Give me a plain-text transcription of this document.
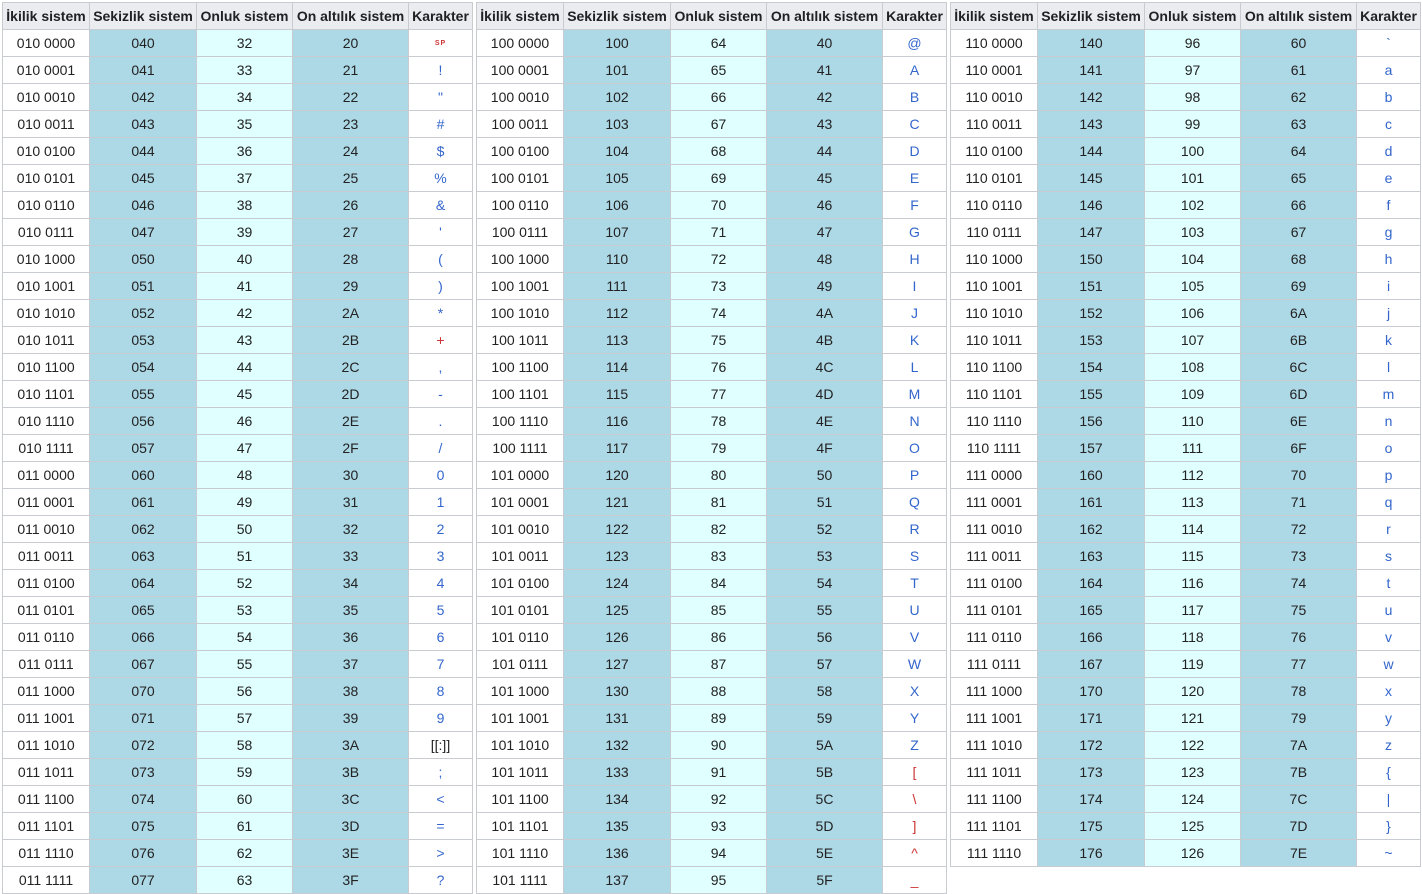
İkilik sistem	Sekizlik sistem	Onluk sistem	On altılık sistem	Karakter
010 0000	040	32	20	SP
010 0001	041	33	21	!
010 0010	042	34	22	"
010 0011	043	35	23	#
010 0100	044	36	24	$
010 0101	045	37	25	%
010 0110	046	38	26	&
010 0111	047	39	27	'
010 1000	050	40	28	(
010 1001	051	41	29	)
010 1010	052	42	2A	*
010 1011	053	43	2B	+
010 1100	054	44	2C	,
010 1101	055	45	2D	-
010 1110	056	46	2E	.
010 1111	057	47	2F	/
011 0000	060	48	30	0
011 0001	061	49	31	1
011 0010	062	50	32	2
011 0011	063	51	33	3
011 0100	064	52	34	4
011 0101	065	53	35	5
011 0110	066	54	36	6
011 0111	067	55	37	7
011 1000	070	56	38	8
011 1001	071	57	39	9
011 1010	072	58	3A	[[:]]
011 1011	073	59	3B	;
011 1100	074	60	3C	<
011 1101	075	61	3D	=
011 1110	076	62	3E	>
011 1111	077	63	3F	?
İkilik sistem	Sekizlik sistem	Onluk sistem	On altılık sistem	Karakter
100 0000	100	64	40	@
100 0001	101	65	41	A
100 0010	102	66	42	B
100 0011	103	67	43	C
100 0100	104	68	44	D
100 0101	105	69	45	E
100 0110	106	70	46	F
100 0111	107	71	47	G
100 1000	110	72	48	H
100 1001	111	73	49	I
100 1010	112	74	4A	J
100 1011	113	75	4B	K
100 1100	114	76	4C	L
100 1101	115	77	4D	M
100 1110	116	78	4E	N
100 1111	117	79	4F	O
101 0000	120	80	50	P
101 0001	121	81	51	Q
101 0010	122	82	52	R
101 0011	123	83	53	S
101 0100	124	84	54	T
101 0101	125	85	55	U
101 0110	126	86	56	V
101 0111	127	87	57	W
101 1000	130	88	58	X
101 1001	131	89	59	Y
101 1010	132	90	5A	Z
101 1011	133	91	5B	[
101 1100	134	92	5C	\
101 1101	135	93	5D	]
101 1110	136	94	5E	^
101 1111	137	95	5F	_
İkilik sistem	Sekizlik sistem	Onluk sistem	On altılık sistem	Karakter
110 0000	140	96	60	`
110 0001	141	97	61	a
110 0010	142	98	62	b
110 0011	143	99	63	c
110 0100	144	100	64	d
110 0101	145	101	65	e
110 0110	146	102	66	f
110 0111	147	103	67	g
110 1000	150	104	68	h
110 1001	151	105	69	i
110 1010	152	106	6A	j
110 1011	153	107	6B	k
110 1100	154	108	6C	l
110 1101	155	109	6D	m
110 1110	156	110	6E	n
110 1111	157	111	6F	o
111 0000	160	112	70	p
111 0001	161	113	71	q
111 0010	162	114	72	r
111 0011	163	115	73	s
111 0100	164	116	74	t
111 0101	165	117	75	u
111 0110	166	118	76	v
111 0111	167	119	77	w
111 1000	170	120	78	x
111 1001	171	121	79	y
111 1010	172	122	7A	z
111 1011	173	123	7B	{
111 1100	174	124	7C	|
111 1101	175	125	7D	}
111 1110	176	126	7E	~
